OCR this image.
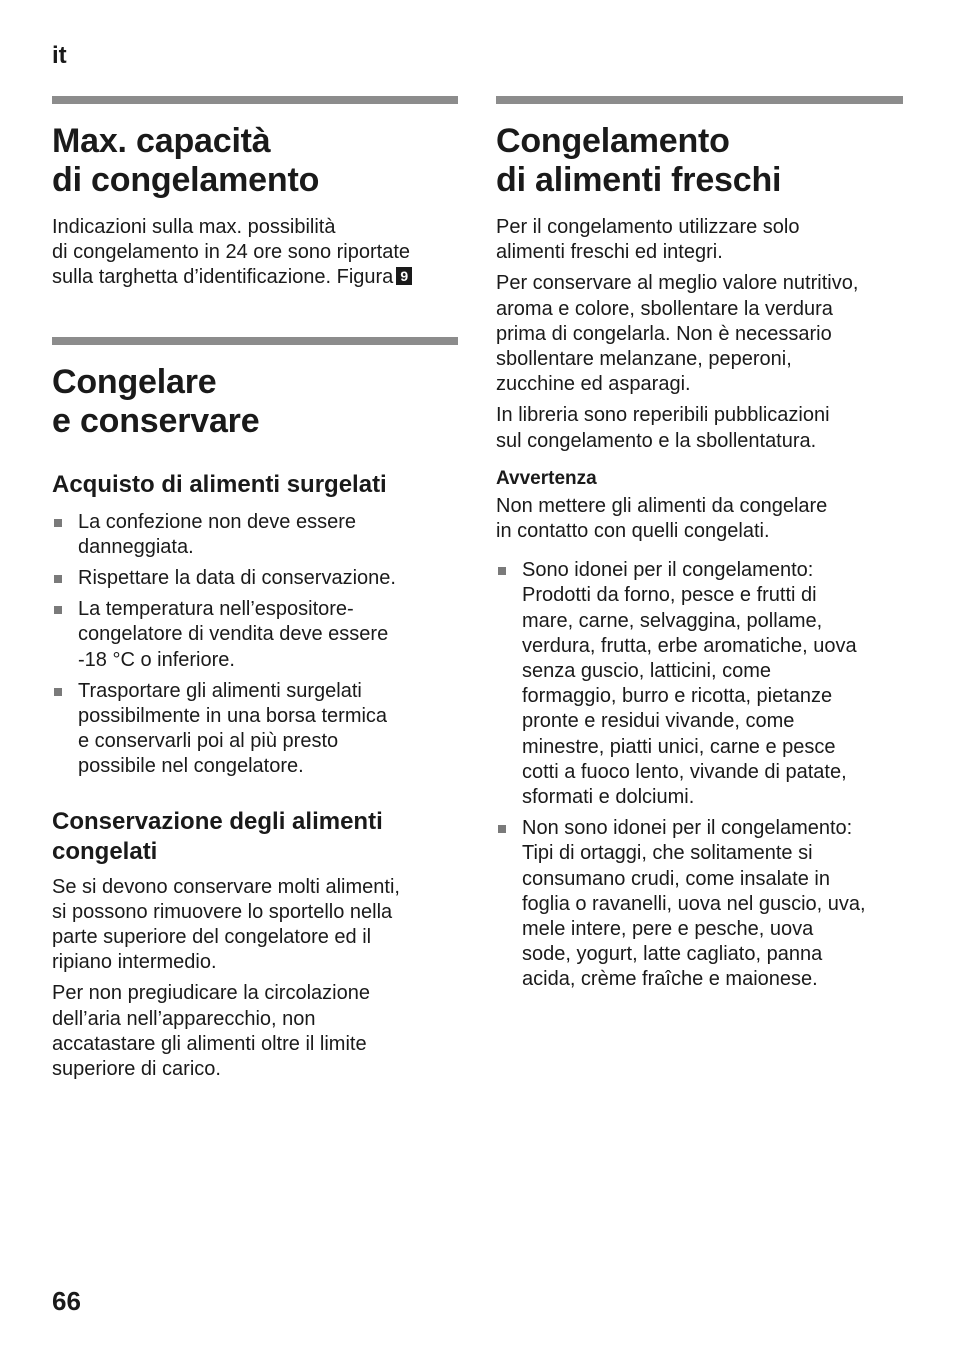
it
Max. capacità
di congelamento

Indicazioni sulla max. possibilità
di congelamento in 24 ore sono riportate
sulla targhetta d’identificazione. Figura 9

Congelare
e conservare
Acquisto di alimenti surgelati
La confezione non deve essere
danneggiata.
Rispettare la data di conservazione.
La temperatura nell’espositore-
congelatore di vendita deve essere
-18 °C o inferiore.
Trasportare gli alimenti surgelati
possibilmente in una borsa termica
e conservarli poi al più presto
possibile nel congelatore.
Conservazione degli alimenti
congelati

Se si devono conservare molti alimenti,
si possono rimuovere lo sportello nella
parte superiore del congelatore ed il
ripiano intermedio.

Per non pregiudicare la circolazione
dell’aria nell’apparecchio, non
accatastare gli alimenti oltre il limite
superiore di carico.

Congelamento
di alimenti freschi

Per il congelamento utilizzare solo
alimenti freschi ed integri.

Per conservare al meglio valore nutritivo,
aroma e colore, sbollentare la verdura
prima di congelarla. Non è necessario
sbollentare melanzane, peperoni,
zucchine ed asparagi.

In libreria sono reperibili pubblicazioni
sul congelamento e la sbollentatura.

Avvertenza

Non mettere gli alimenti da congelare
in contatto con quelli congelati.

Sono idonei per il congelamento:
Prodotti da forno, pesce e frutti di
mare, carne, selvaggina, pollame,
verdura, frutta, erbe aromatiche, uova
senza guscio, latticini, come
formaggio, burro e ricotta, pietanze
pronte e residui vivande, come
minestre, piatti unici, carne e pesce
cotti a fuoco lento, vivande di patate,
sformati e dolciumi.
Non sono idonei per il congelamento:
Tipi di ortaggi, che solitamente si
consumano crudi, come insalate in
foglia o ravanelli, uova nel guscio, uva,
mele intere, pere e pesche, uova
sode, yogurt, latte cagliato, panna
acida, crème fraîche e maionese.
66
